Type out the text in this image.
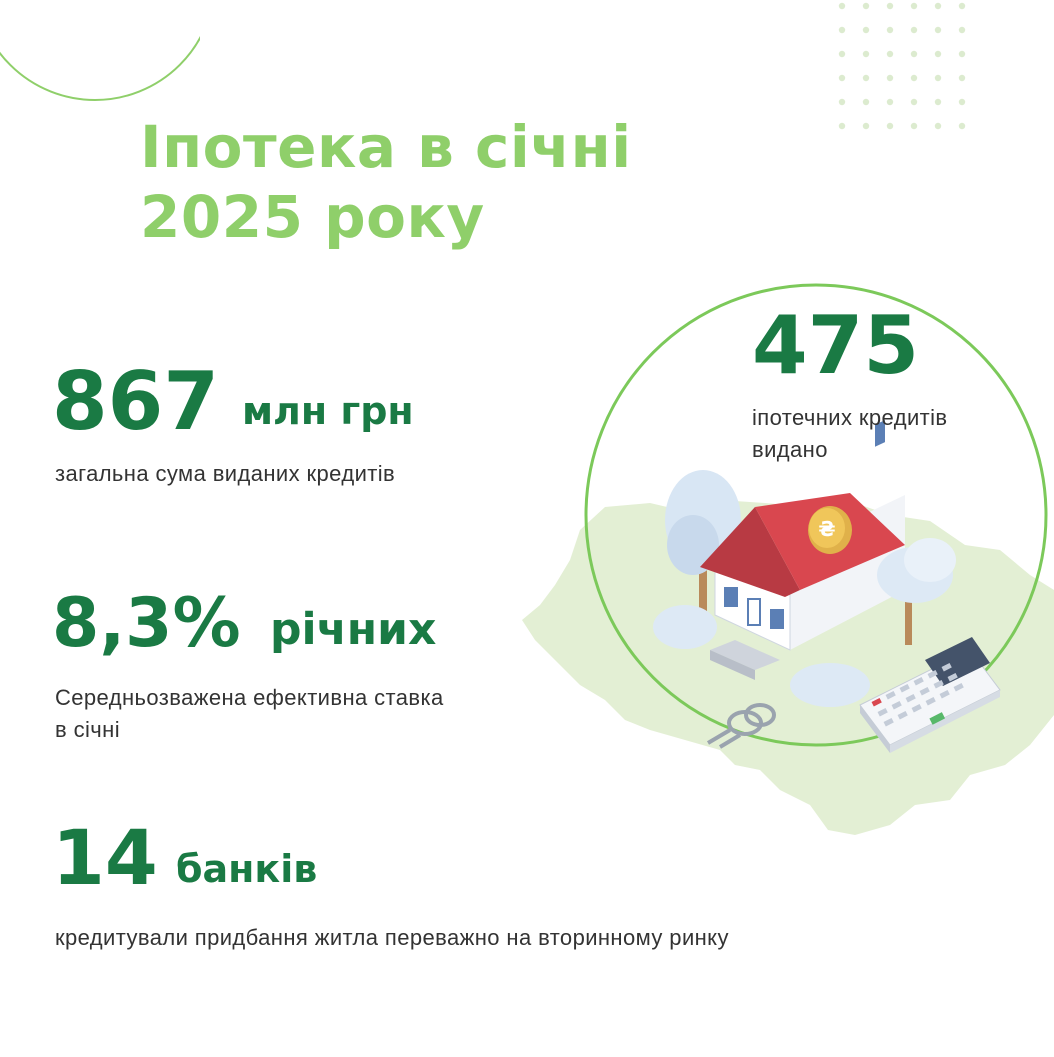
Іпотека в січні
2025 року
₴
475
іпотечних кредитів
видано
867 млн грн
загальна сума виданих кредитів
8,3% річних
Середньозважена ефективна ставка
в січні
14 банків
кредитували придбання житла переважно на вторинному ринку
